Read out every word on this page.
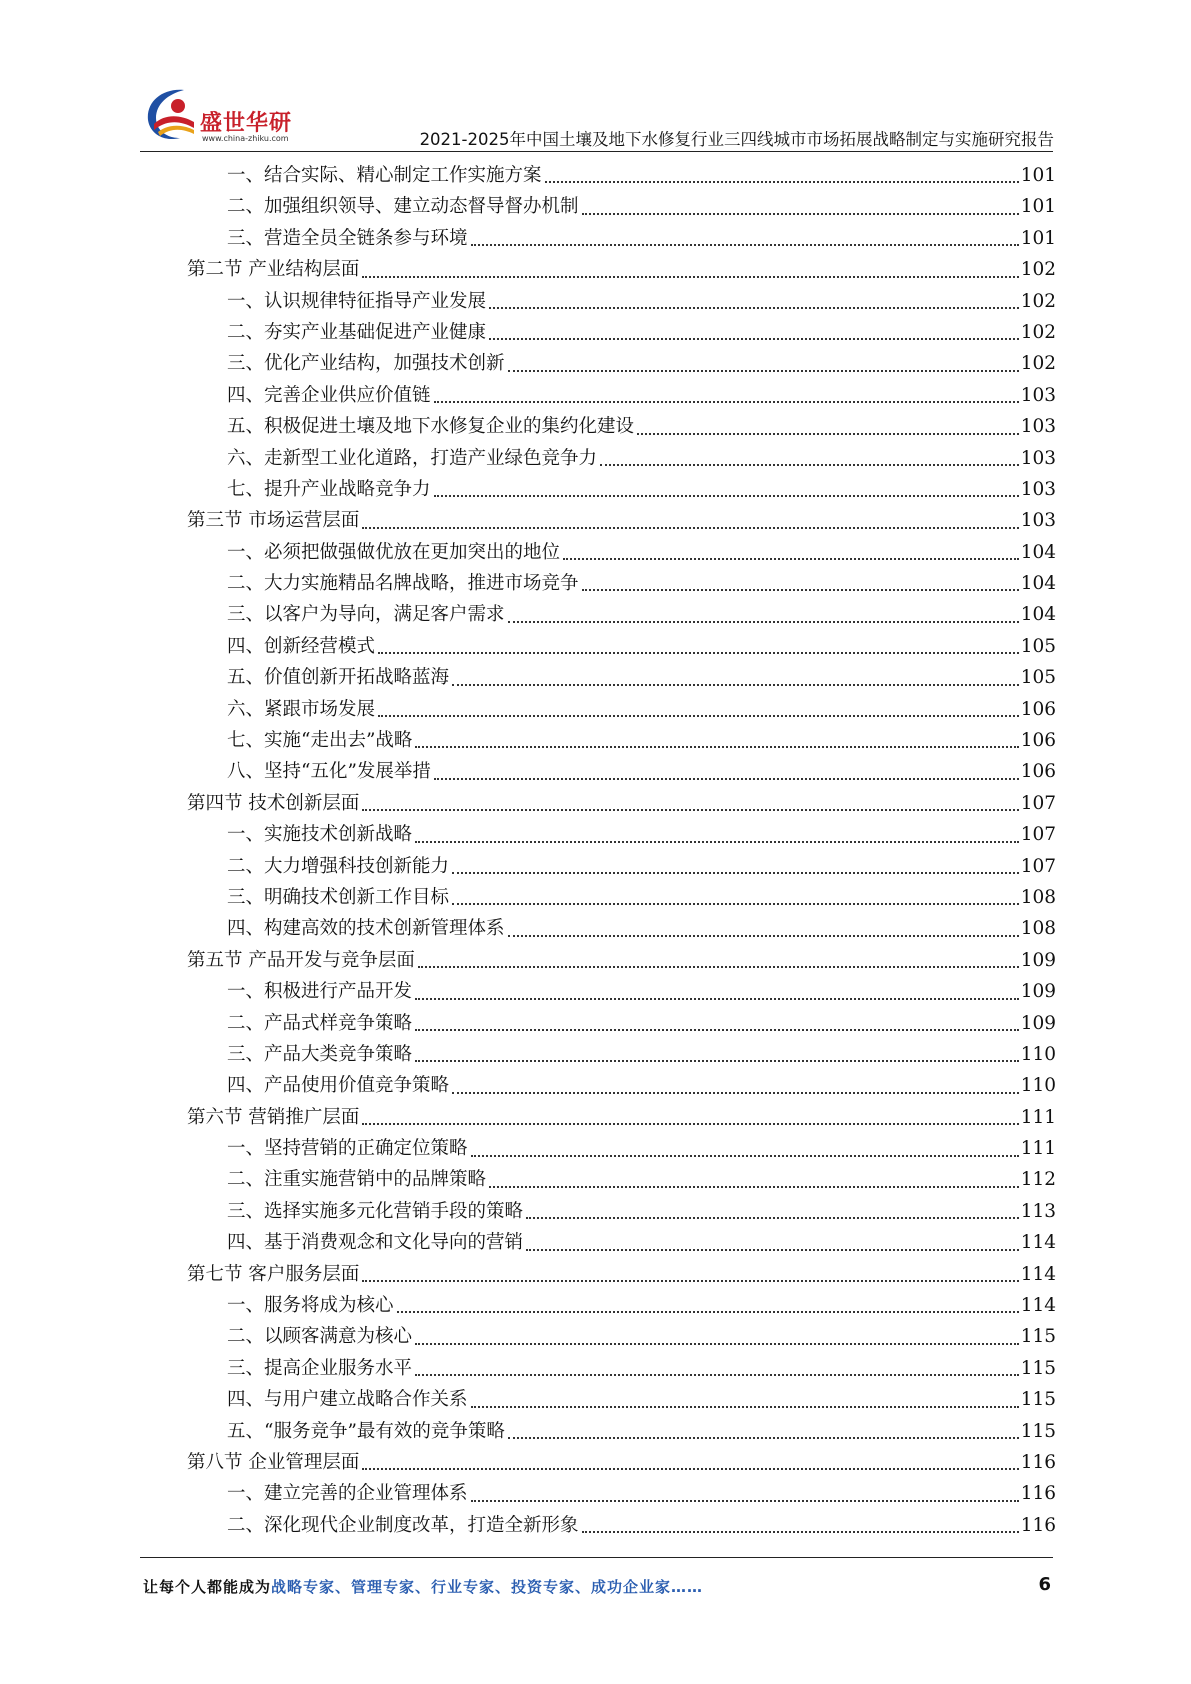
盛世华研
www.china-zhiku.com	2021-2025年中国土壤及地下水修复行业三四线城市市场拓展战略制定与实施研究报告
一、结合实际、精心制定工作实施方案	101
二、加强组织领导、建立动态督导督办机制	101
三、营造全员全链条参与环境	101
第二节 产业结构层面	102
一、认识规律特征指导产业发展	102
二、夯实产业基础促进产业健康	102
三、优化产业结构，加强技术创新	102
四、完善企业供应价值链	103
五、积极促进土壤及地下水修复企业的集约化建设	103
六、走新型工业化道路，打造产业绿色竞争力	103
七、提升产业战略竞争力	103
第三节 市场运营层面	103
一、必须把做强做优放在更加突出的地位	104
二、大力实施精品名牌战略，推进市场竞争	104
三、以客户为导向，满足客户需求	104
四、创新经营模式	105
五、价值创新开拓战略蓝海	105
六、紧跟市场发展	106
七、实施“走出去”战略	106
八、坚持“五化”发展举措	106
第四节 技术创新层面	107
一、实施技术创新战略	107
二、大力增强科技创新能力	107
三、明确技术创新工作目标	108
四、构建高效的技术创新管理体系	108
第五节 产品开发与竞争层面	109
一、积极进行产品开发	109
二、产品式样竞争策略	109
三、产品大类竞争策略	110
四、产品使用价值竞争策略	110
第六节 营销推广层面	111
一、坚持营销的正确定位策略	111
二、注重实施营销中的品牌策略	112
三、选择实施多元化营销手段的策略	113
四、基于消费观念和文化导向的营销	114
第七节 客户服务层面	114
一、服务将成为核心	114
二、以顾客满意为核心	115
三、提高企业服务水平	115
四、与用户建立战略合作关系	115
五、“服务竞争”最有效的竞争策略	115
第八节 企业管理层面	116
一、建立完善的企业管理体系	116
二、深化现代企业制度改革，打造全新形象	116
让每个人都能成为战略专家、管理专家、行业专家、投资专家、成功企业家……	6
